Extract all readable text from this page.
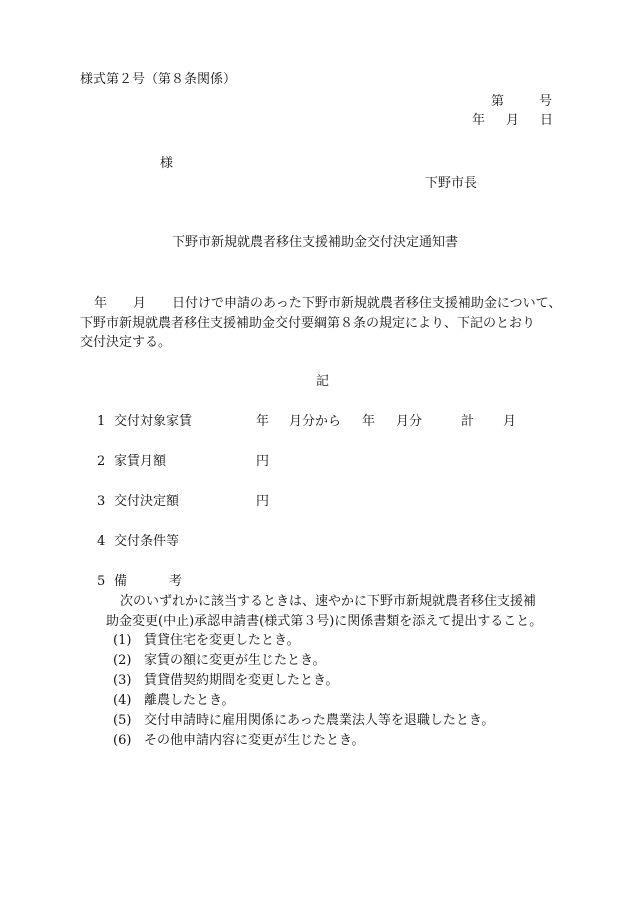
様式第２号（第８条関係）
第	号
年 月 日
様
下野市長
下野市新規就農者移住支援補助金交付決定通知書
年　　月　　日付けで申請のあった下野市新規就農者移住支援補助金について、
下野市新規就農者移住支援補助金交付要綱第８条の規定により、下記のとおり
交付決定する。
記
1 交付対象家賃	年 月分から 年 月分	計 月
2 家賃月額	円
3 交付決定額	円
4 交付条件等
5 備	考
次のいずれかに該当するときは、速やかに下野市新規就農者移住支援補
助金変更(中止)承認申請書(様式第３号)に関係書類を添えて提出すること。
(1) 賃貸住宅を変更したとき。
(2) 家賃の額に変更が生じたとき。
(3) 賃貸借契約期間を変更したとき。
(4) 離農したとき。
(5) 交付申請時に雇用関係にあった農業法人等を退職したとき。
(6) その他申請内容に変更が生じたとき。
